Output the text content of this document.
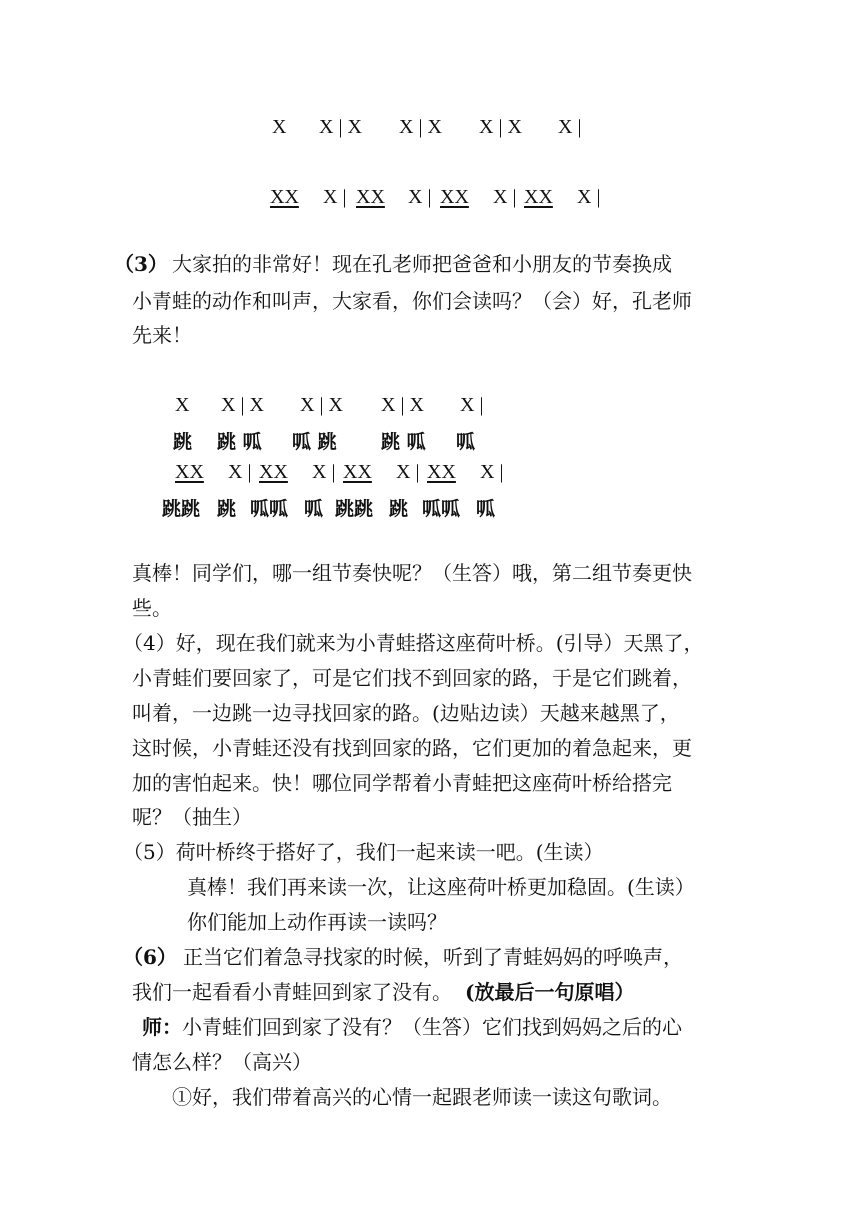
X X | X X | X X | X X |
XX X | XX X | XX X | XX X |
（3） 大家拍的非常好！现在孔老师把爸爸和小朋友的节奏换成
小青蛙的动作和叫声，大家看，你们会读吗？（会）好，孔老师
先来！
X X | X X | X X | X X |
跳 跳 呱 呱 跳 跳 呱 呱
XX X | XX X | XX X | XX X |
跳跳 跳 呱呱 呱 跳跳 跳 呱呱 呱
真棒！同学们，哪一组节奏快呢？（生答）哦，第二组节奏更快
些。
（4）好，现在我们就来为小青蛙搭这座荷叶桥。(引导）天黑了，
小青蛙们要回家了，可是它们找不到回家的路，于是它们跳着，
叫着，一边跳一边寻找回家的路。(边贴边读）天越来越黑了，
这时候，小青蛙还没有找到回家的路，它们更加的着急起来，更
加的害怕起来。快！哪位同学帮着小青蛙把这座荷叶桥给搭完
呢？（抽生）
（5）荷叶桥终于搭好了，我们一起来读一吧。(生读）
真棒！我们再来读一次，让这座荷叶桥更加稳固。(生读）
你们能加上动作再读一读吗？
（6） 正当它们着急寻找家的时候，听到了青蛙妈妈的呼唤声，
我们一起看看小青蛙回到家了没有。 (放最后一句原唱）
师： 小青蛙们回到家了没有？（生答）它们找到妈妈之后的心
情怎么样？（高兴）
①好，我们带着高兴的心情一起跟老师读一读这句歌词。
